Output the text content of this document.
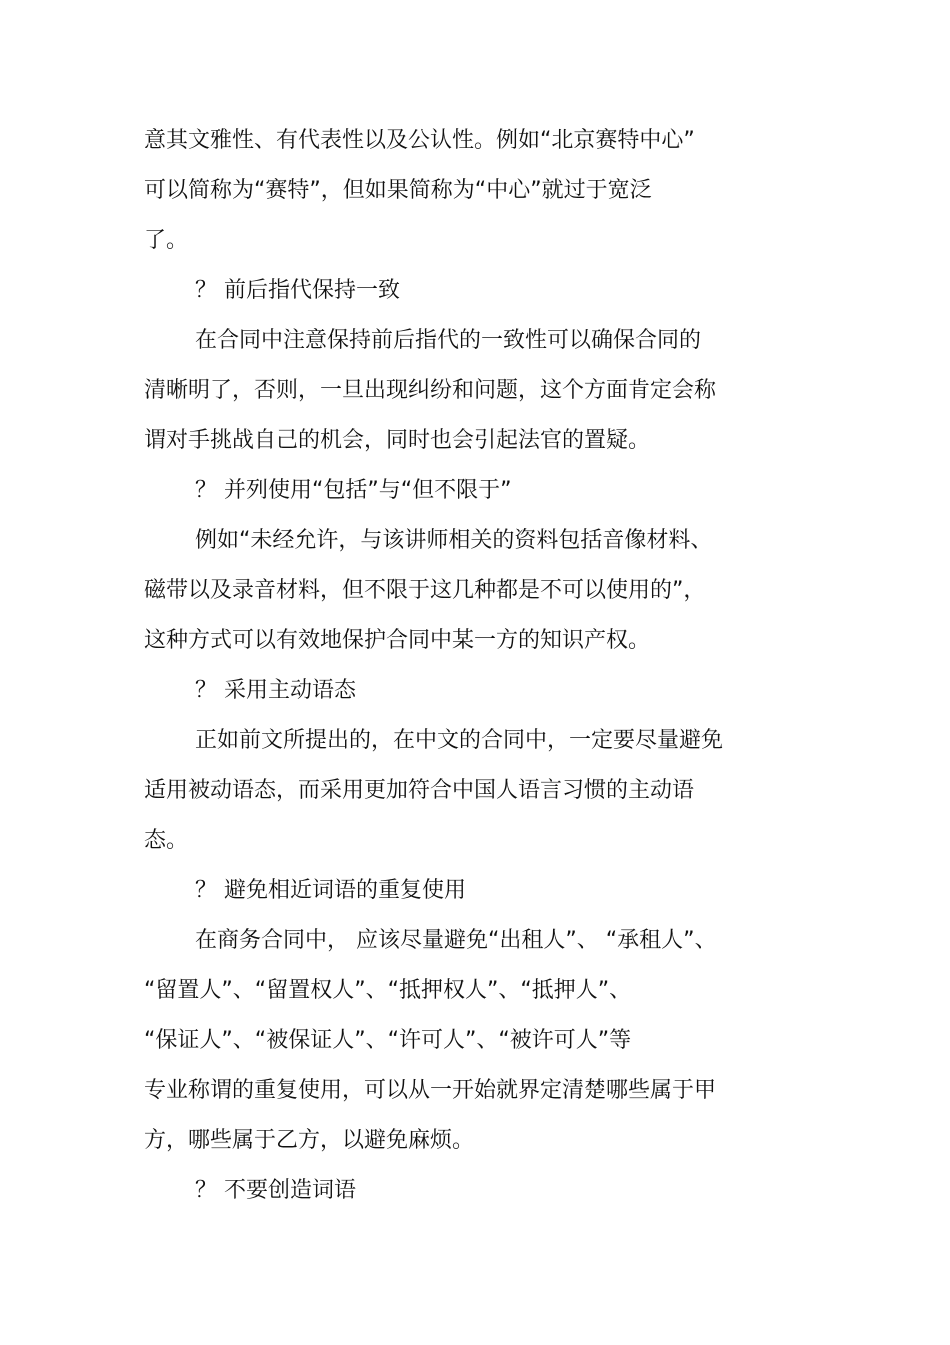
意其文雅性、有代表性以及公认性。例如“北京赛特中心”
可以简称为“赛特”，但如果简称为“中心”就过于宽泛
了。
？ 前后指代保持一致
在合同中注意保持前后指代的一致性可以确保合同的
清晰明了，否则，一旦出现纠纷和问题，这个方面肯定会称
谓对手挑战自己的机会，同时也会引起法官的置疑。
？ 并列使用“包括”与“但不限于”
例如“未经允许，与该讲师相关的资料包括音像材料、
磁带以及录音材料，但不限于这几种都是不可以使用的”，
这种方式可以有效地保护合同中某一方的知识产权。
？ 采用主动语态
正如前文所提出的，在中文的合同中，一定要尽量避免
适用被动语态，而采用更加符合中国人语言习惯的主动语
态。
？ 避免相近词语的重复使用
在商务合同中， 应该尽量避免“出租人”、 “承租人”、
“留置人”、“留置权人”、“抵押权人”、“抵押人”、
“保证人”、“被保证人”、“许可人”、“被许可人”等
专业称谓的重复使用，可以从一开始就界定清楚哪些属于甲
方，哪些属于乙方，以避免麻烦。
？ 不要创造词语
